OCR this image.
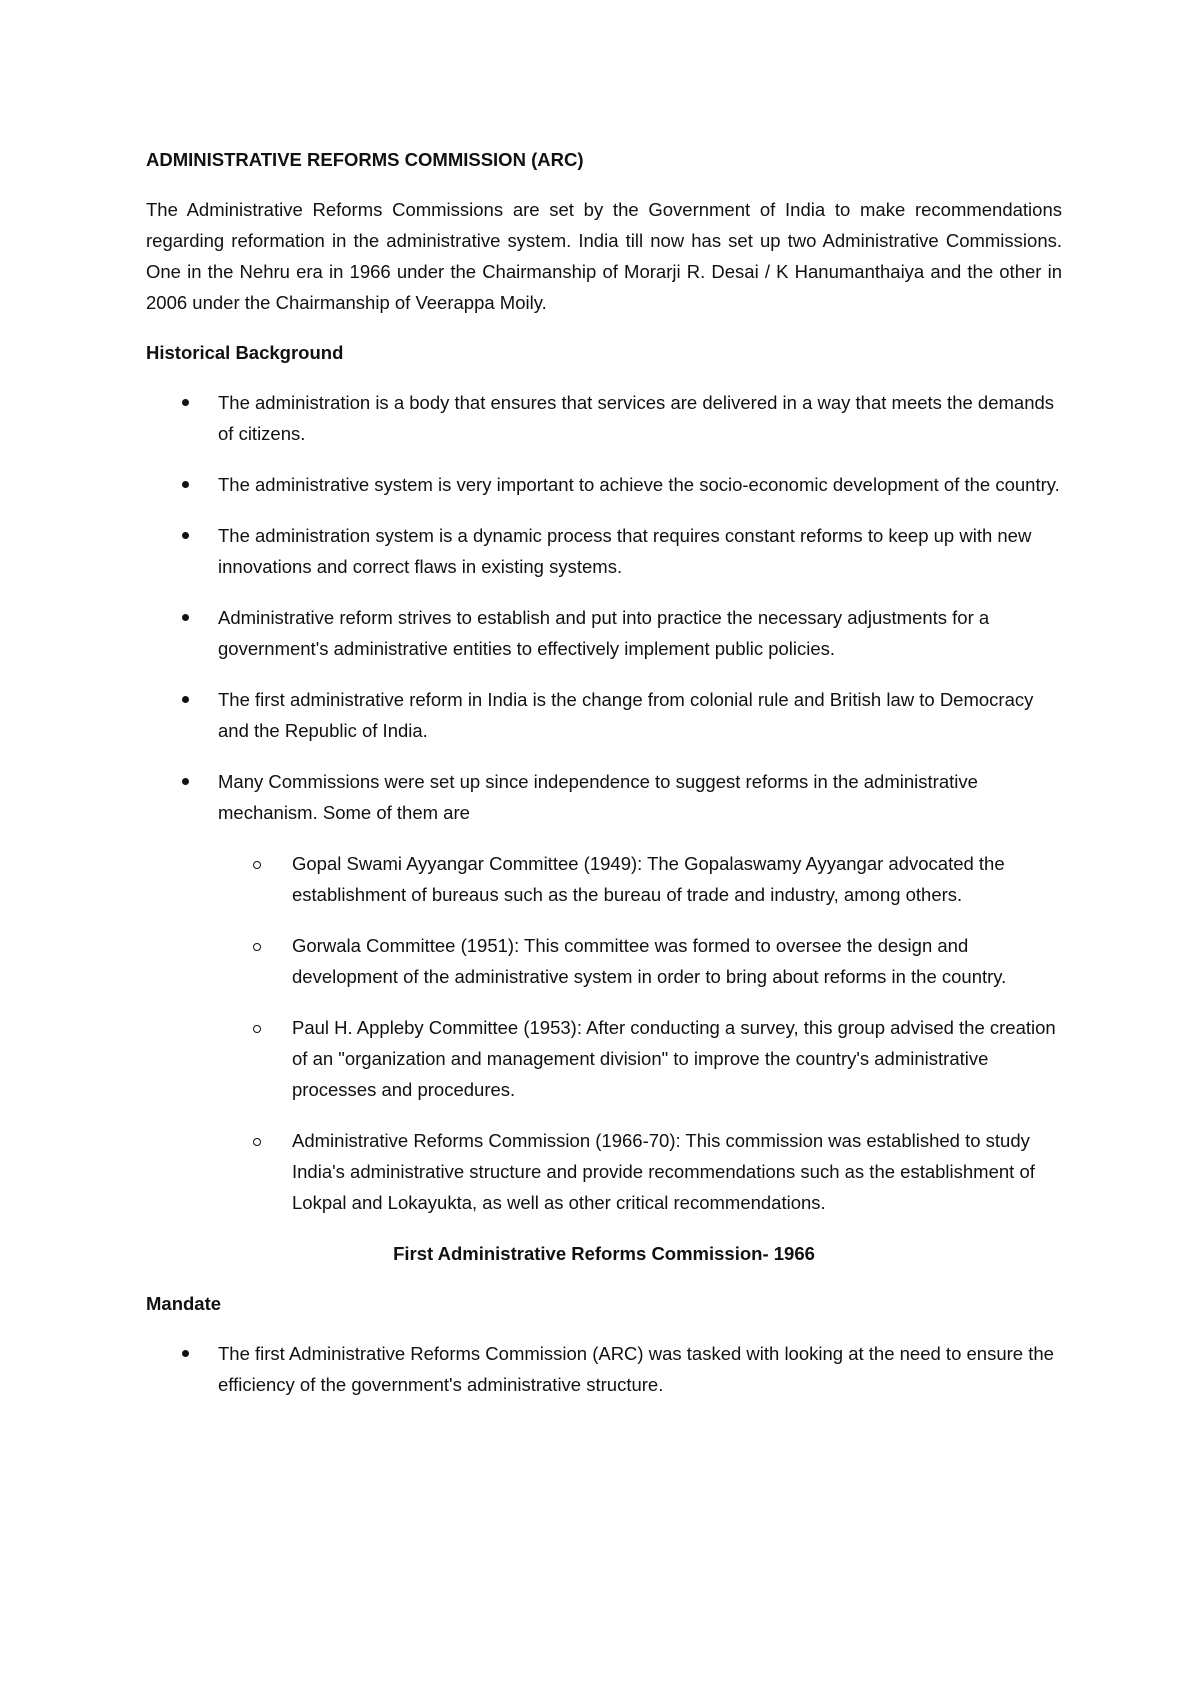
ADMINISTRATIVE REFORMS COMMISSION (ARC)
The Administrative Reforms Commissions are set by the Government of India to make recommendations regarding reformation in the administrative system. India till now has set up two Administrative Commissions. One in the Nehru era in 1966 under the Chairmanship of Morarji R. Desai / K Hanumanthaiya and the other in 2006 under the Chairmanship of Veerappa Moily.
Historical Background
The administration is a body that ensures that services are delivered in a way that meets the demands of citizens.
The administrative system is very important to achieve the socio-economic development of the country.
The administration system is a dynamic process that requires constant reforms to keep up with new innovations and correct flaws in existing systems.
Administrative reform strives to establish and put into practice the necessary adjustments for a government's administrative entities to effectively implement public policies.
The first administrative reform in India is the change from colonial rule and British law to Democracy and the Republic of India.
Many Commissions were set up since independence to suggest reforms in the administrative mechanism. Some of them are
Gopal Swami Ayyangar Committee (1949): The Gopalaswamy Ayyangar advocated the establishment of bureaus such as the bureau of trade and industry, among others.
Gorwala Committee (1951): This committee was formed to oversee the design and development of the administrative system in order to bring about reforms in the country.
Paul H. Appleby Committee (1953): After conducting a survey, this group advised the creation of an "organization and management division" to improve the country's administrative processes and procedures.
Administrative Reforms Commission (1966-70): This commission was established to study India's administrative structure and provide recommendations such as the establishment of Lokpal and Lokayukta, as well as other critical recommendations.
First Administrative Reforms Commission- 1966
Mandate
The first Administrative Reforms Commission (ARC) was tasked with looking at the need to ensure the efficiency of the government's administrative structure.
